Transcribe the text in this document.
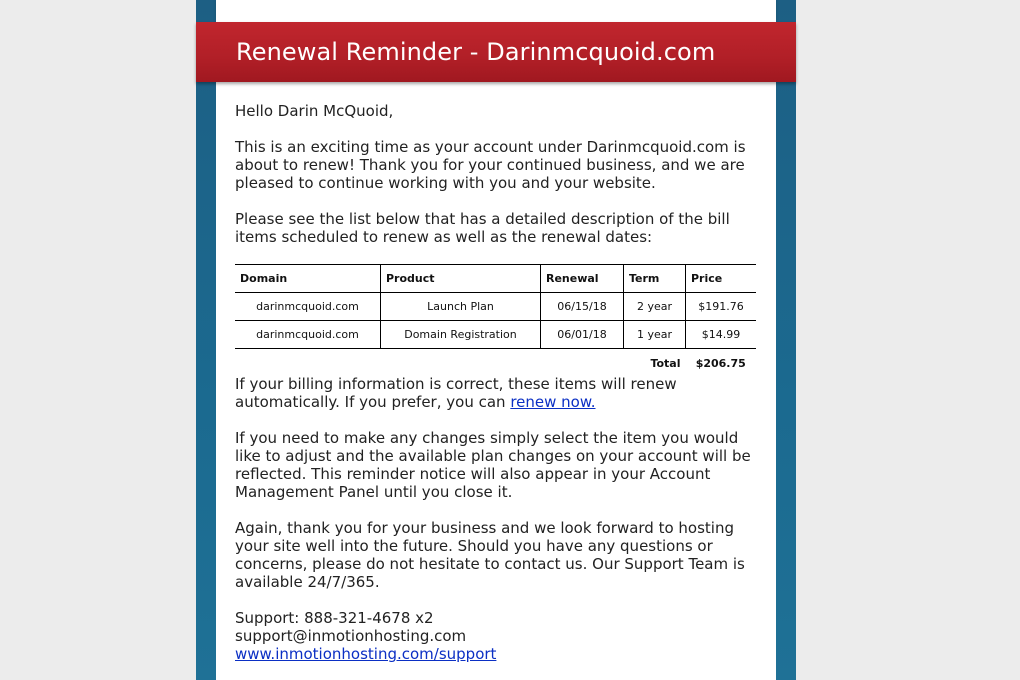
Renewal Reminder - Darinmcquoid.com

Hello Darin McQuoid,

This is an exciting time as your account under Darinmcquoid.com is about to renew! Thank you for your continued business, and we are pleased to continue working with you and your website.

Please see the list below that has a detailed description of the bill items scheduled to renew as well as the renewal dates:

Domain	Product	Renewal	Term	Price
darinmcquoid.com	Launch Plan	06/15/18	2 year	$191.76
darinmcquoid.com	Domain Registration	06/01/18	1 year	$14.99
			Total	$206.75

If your billing information is correct, these items will renew automatically. If you prefer, you can renew now.

If you need to make any changes simply select the item you would like to adjust and the available plan changes on your account will be reflected. This reminder notice will also appear in your Account Management Panel until you close it.

Again, thank you for your business and we look forward to hosting your site well into the future. Should you have any questions or concerns, please do not hesitate to contact us. Our Support Team is available 24/7/365.

Support: 888-321-4678 x2
support@inmotionhosting.com
www.inmotionhosting.com/support
